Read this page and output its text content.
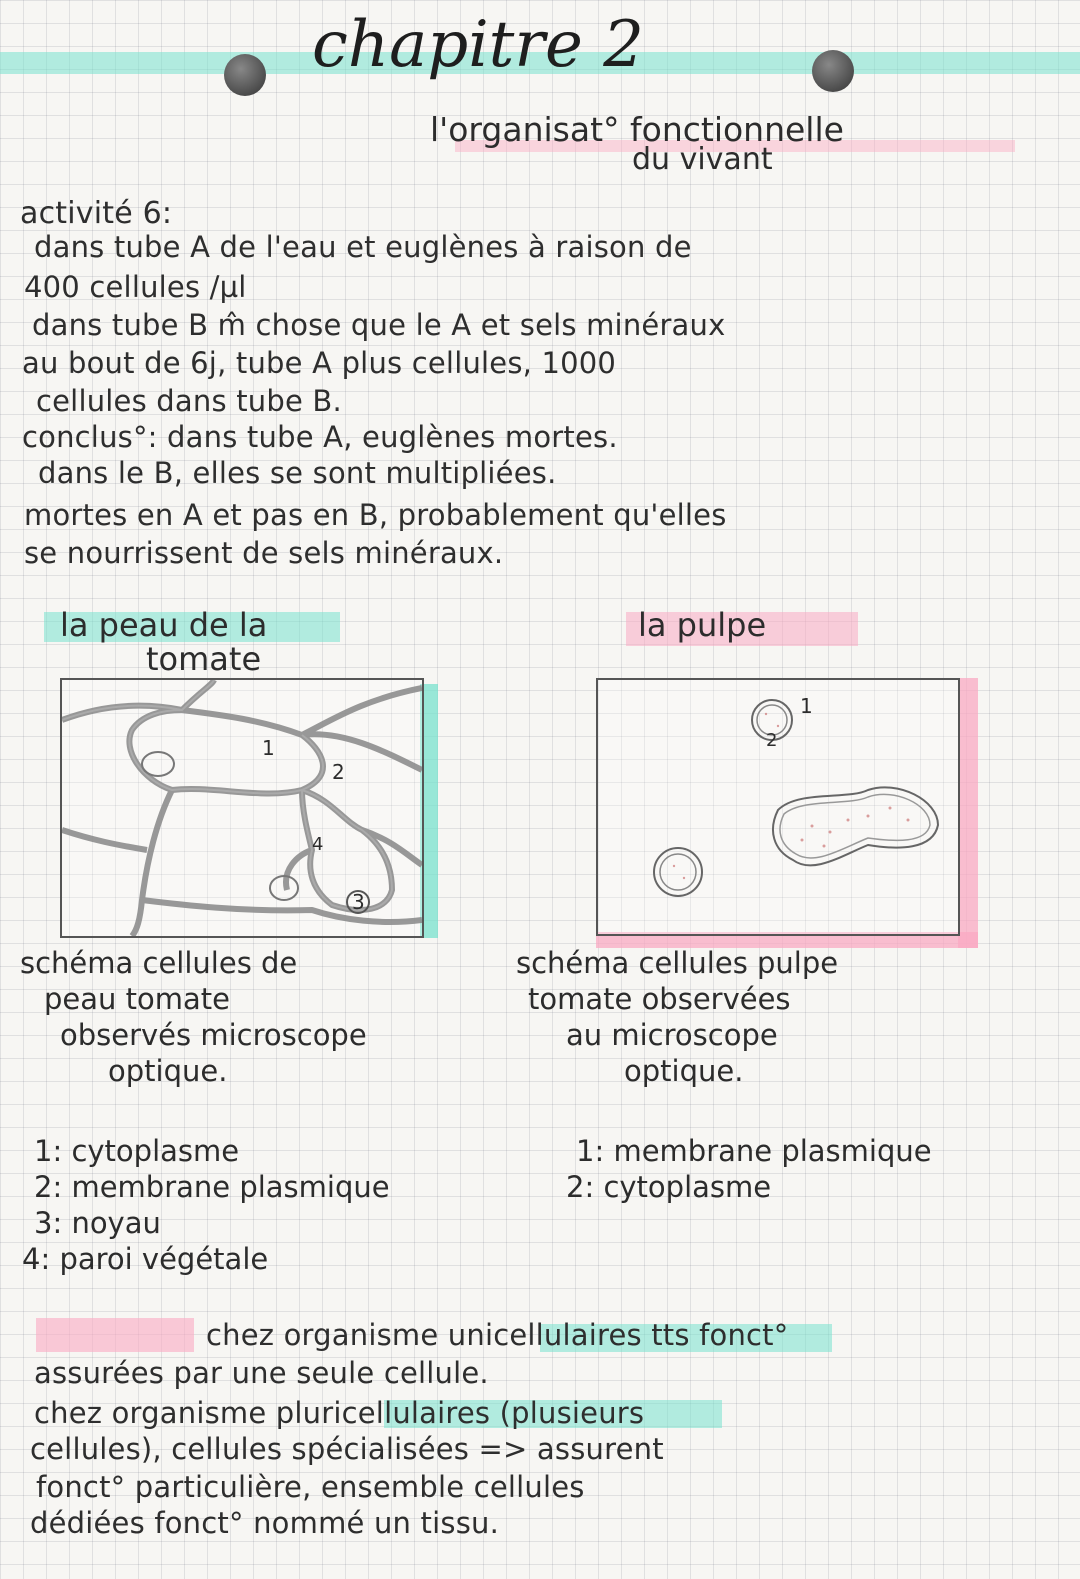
chapitre 2
l'organisat° fonctionnelle
du vivant
activité 6:
dans tube A de l'eau et euglènes à raison de
400 cellules /µl
dans tube B m̂ chose que le A et sels minéraux
au bout de 6j, tube A plus cellules, 1000
cellules dans tube B.
conclus°: dans tube A, euglènes mortes.
dans le B, elles se sont multipliées.
mortes en A et pas en B, probablement qu'elles
se nourrissent de sels minéraux.
la peau de la
tomate
1
2
3
4
schéma cellules de
peau tomate
observés microscope
optique.
la pulpe
1
2
schéma cellules pulpe
tomate observées
au microscope
optique.
1: cytoplasme
2: membrane plasmique
3: noyau
4: paroi végétale
1: membrane plasmique
2: cytoplasme
chez organisme unicellulaires tts fonct°
assurées par une seule cellule.
chez organisme pluricellulaires (plusieurs
cellules), cellules spécialisées => assurent
fonct° particulière, ensemble cellules
dédiées fonct° nommé un tissu.
